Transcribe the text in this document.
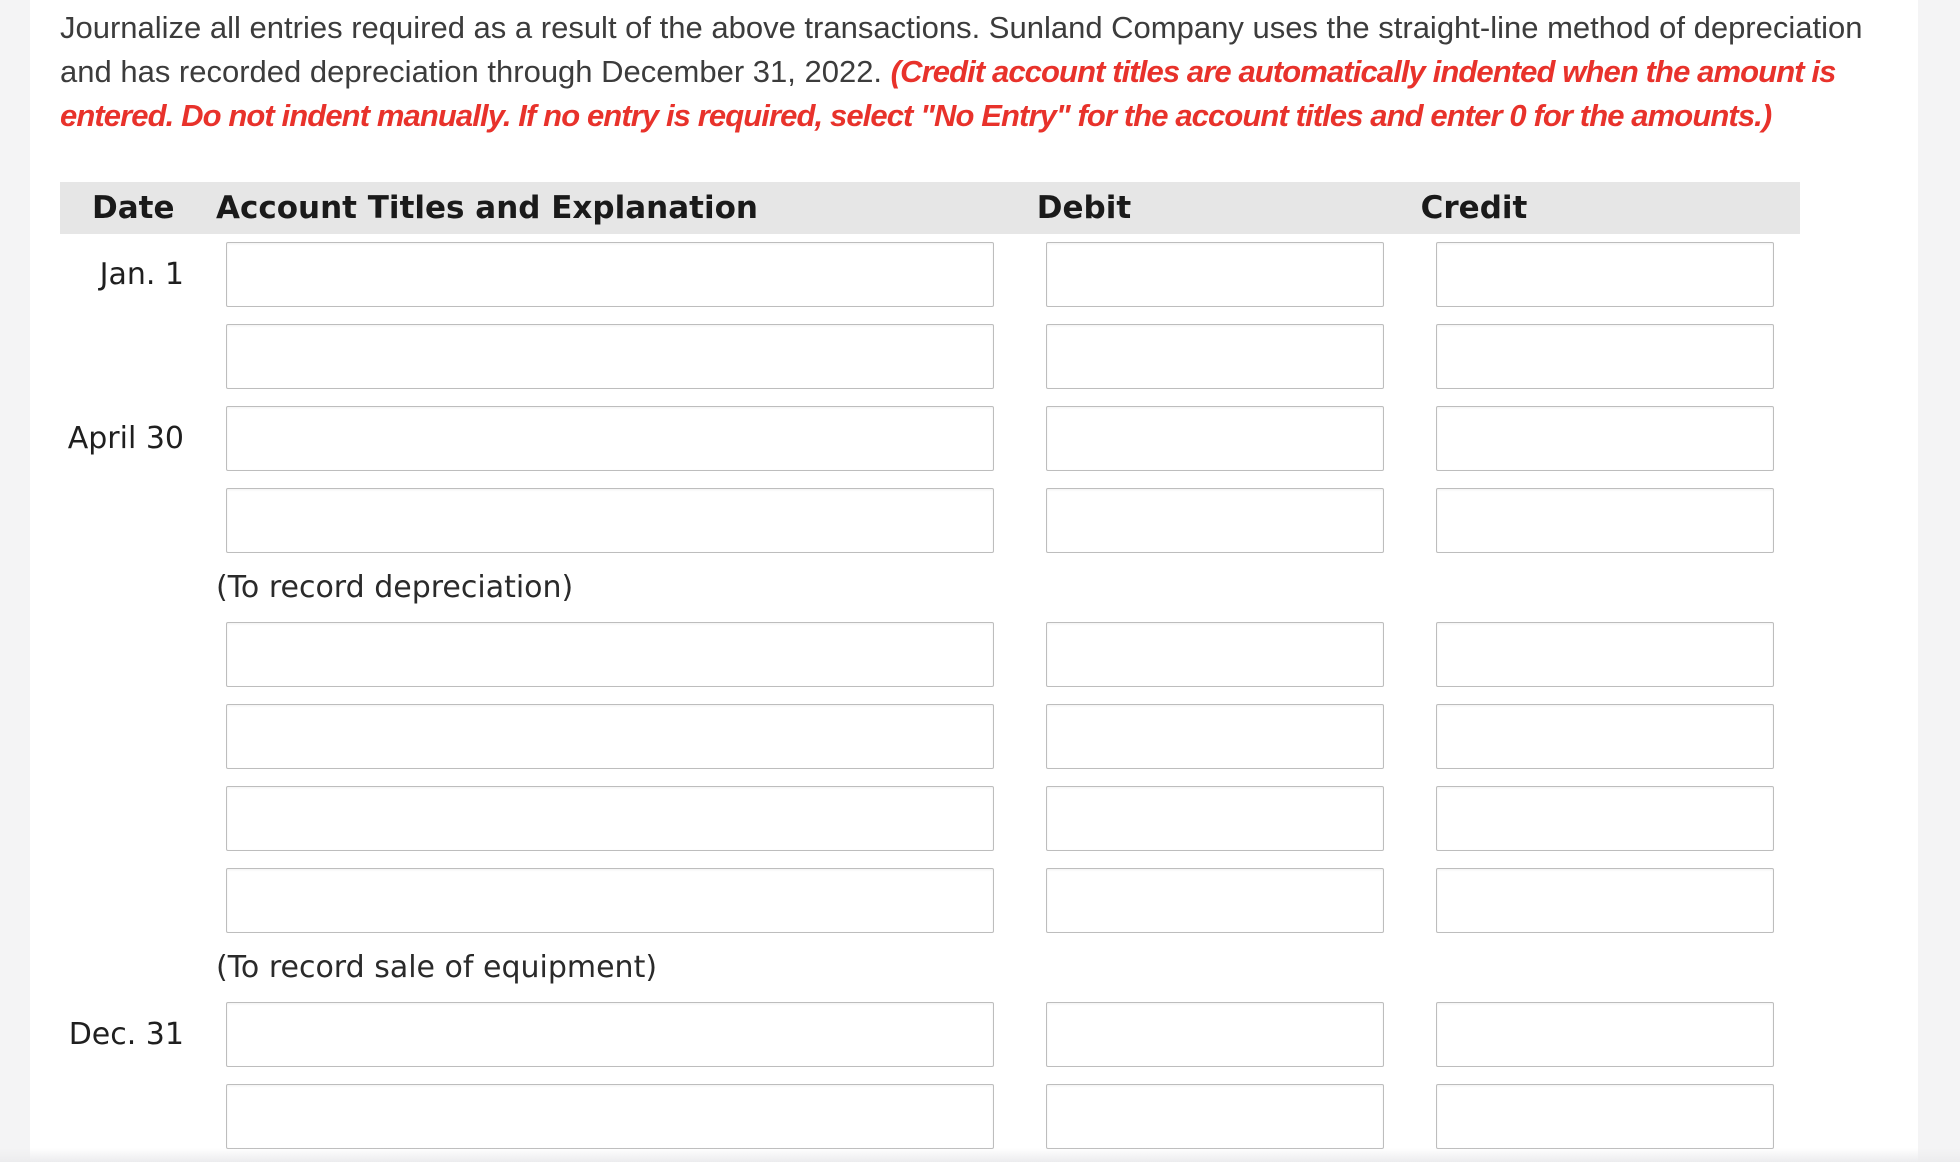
Journalize all entries required as a result of the above transactions. Sunland Company uses the straight-line method of depreciation and has recorded depreciation through December 31, 2022. (Credit account titles are automatically indented when the amount is entered. Do not indent manually. If no entry is required, select "No Entry" for the account titles and enter 0 for the amounts.)

Date Account Titles and Explanation	Debit	Credit
Jan. 1
April 30
Dec. 31
(To record depreciation)
(To record sale of equipment)
